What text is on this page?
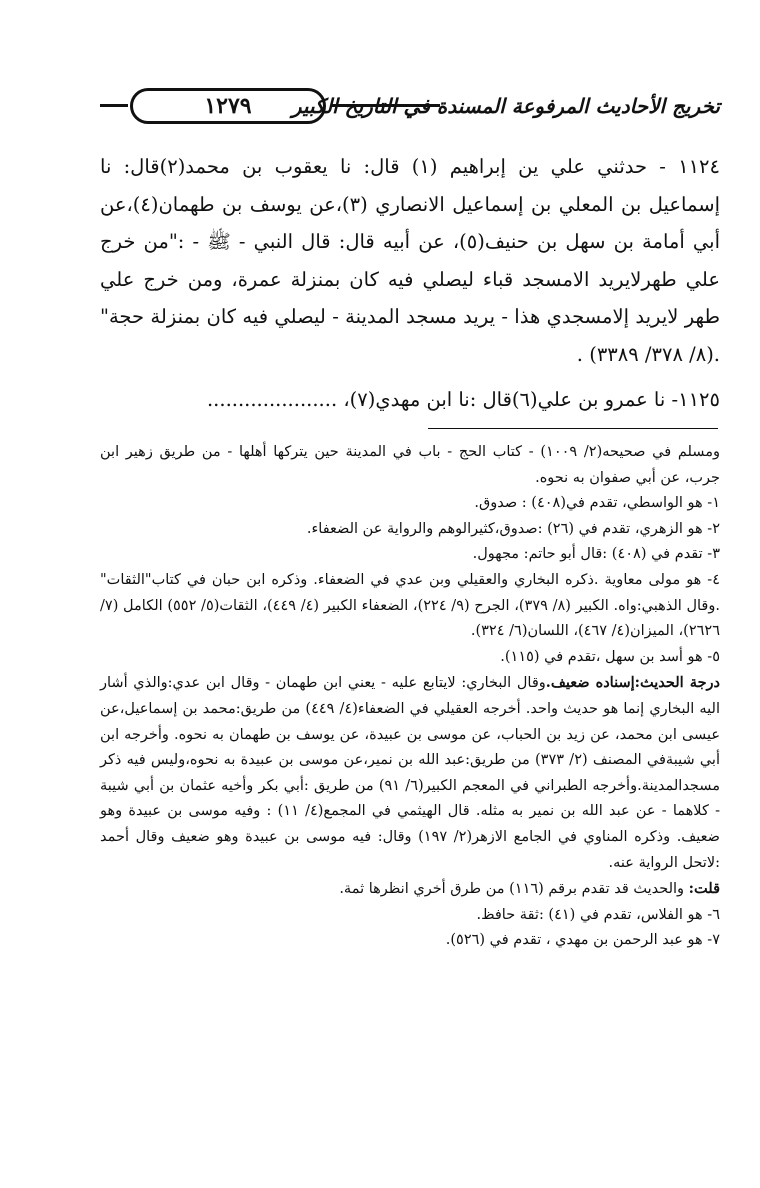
تخريج الأحاديث المرفوعة المسندة في التاريخ الكبير
١٢٧٩

١١٢٤ - حدثني علي ين إبراهيم (١) قال: نا يعقوب بن محمد(٢)قال: نا إسماعيل بن المعلي بن إسماعيل الانصاري (٣)،عن يوسف بن طهمان(٤)،عن أبي أمامة بن سهل بن حنيف(٥)، عن أبيه قال: قال النبي - ﷺ - :"من خرج علي طهرلايريد الامسجد قباء ليصلي فيه كان بمنزلة عمرة، ومن خرج علي طهر لايريد إلامسجدي هذا - يريد مسجد المدينة - ليصلي فيه كان بمنزلة حجة" .(٨/ ٣٧٨/ ٣٣٨٩) .

١١٢٥- نا عمرو بن علي(٦)قال :نا ابن مهدي(٧)، .....................

ومسلم في صحيحه(٢/ ١٠٠٩) - كتاب الحج - باب في المدينة حين يتركها أهلها - من طريق زهير ابن جرب، عن أبي صفوان به نحوه.

١- هو الواسطي، تقدم في(٤٠٨) : صدوق.

٢- هو الزهري، تقدم في (٢٦) :صدوق،كثيرالوهم والرواية عن الضعفاء.

٣- تقدم في (٤٠٨) :قال أبو حاتم: مجهول.

٤- هو مولى معاوية .ذكره البخاري والعقيلي وبن عدي في الضعفاء. وذكره ابن حبان في كتاب"الثقات" .وقال الذهبي:واه. الكبير (٨/ ٣٧٩)، الجرح (٩/ ٢٢٤)، الضعفاء الكبير (٤/ ٤٤٩)، الثقات(٥/ ٥٥٢) الكامل (٧/ ٢٦٢٦)، الميزان(٤/ ٤٦٧)، اللسان(٦/ ٣٢٤).

٥- هو أسد بن سهل ،تقدم في (١١٥).

درجة الحديث:إسناده ضعيف.وقال البخاري: لايتابع عليه - يعني ابن طهمان - وقال ابن عدي:والذي أشار اليه البخاري إنما هو حديث واحد. أخرجه العقيلي في الضعفاء(٤/ ٤٤٩) من طريق:محمد بن إسماعيل،عن عيسى ابن محمد، عن زيد بن الحباب، عن موسى بن عبيدة، عن يوسف بن طهمان به نحوه. وأخرجه ابن أبي شيبةفي المصنف (٢/ ٣٧٣) من طريق:عبد الله بن نمير،عن موسى بن عبيدة به نحوه،وليس فيه ذكر مسجدالمدينة.وأخرجه الطبراني في المعجم الكبير(٦/ ٩١) من طريق :أبي بكر وأخيه عثمان بن أبي شيبة - كلاهما - عن عبد الله بن نمير به مثله. قال الهيثمي في المجمع(٤/ ١١) : وفيه موسى بن عبيدة وهو ضعيف. وذكره المناوي في الجامع الازهر(٢/ ١٩٧) وقال: فيه موسى بن عبيدة وهو ضعيف وقال أحمد :لاتحل الرواية عنه.

قلت: والحديث قد تقدم برقم (١١٦) من طرق أخري انظرها ثمة.

٦- هو الفلاس، تقدم في (٤١) :ثقة حافظ.

٧- هو عبد الرحمن بن مهدي ، تقدم في (٥٢٦).
